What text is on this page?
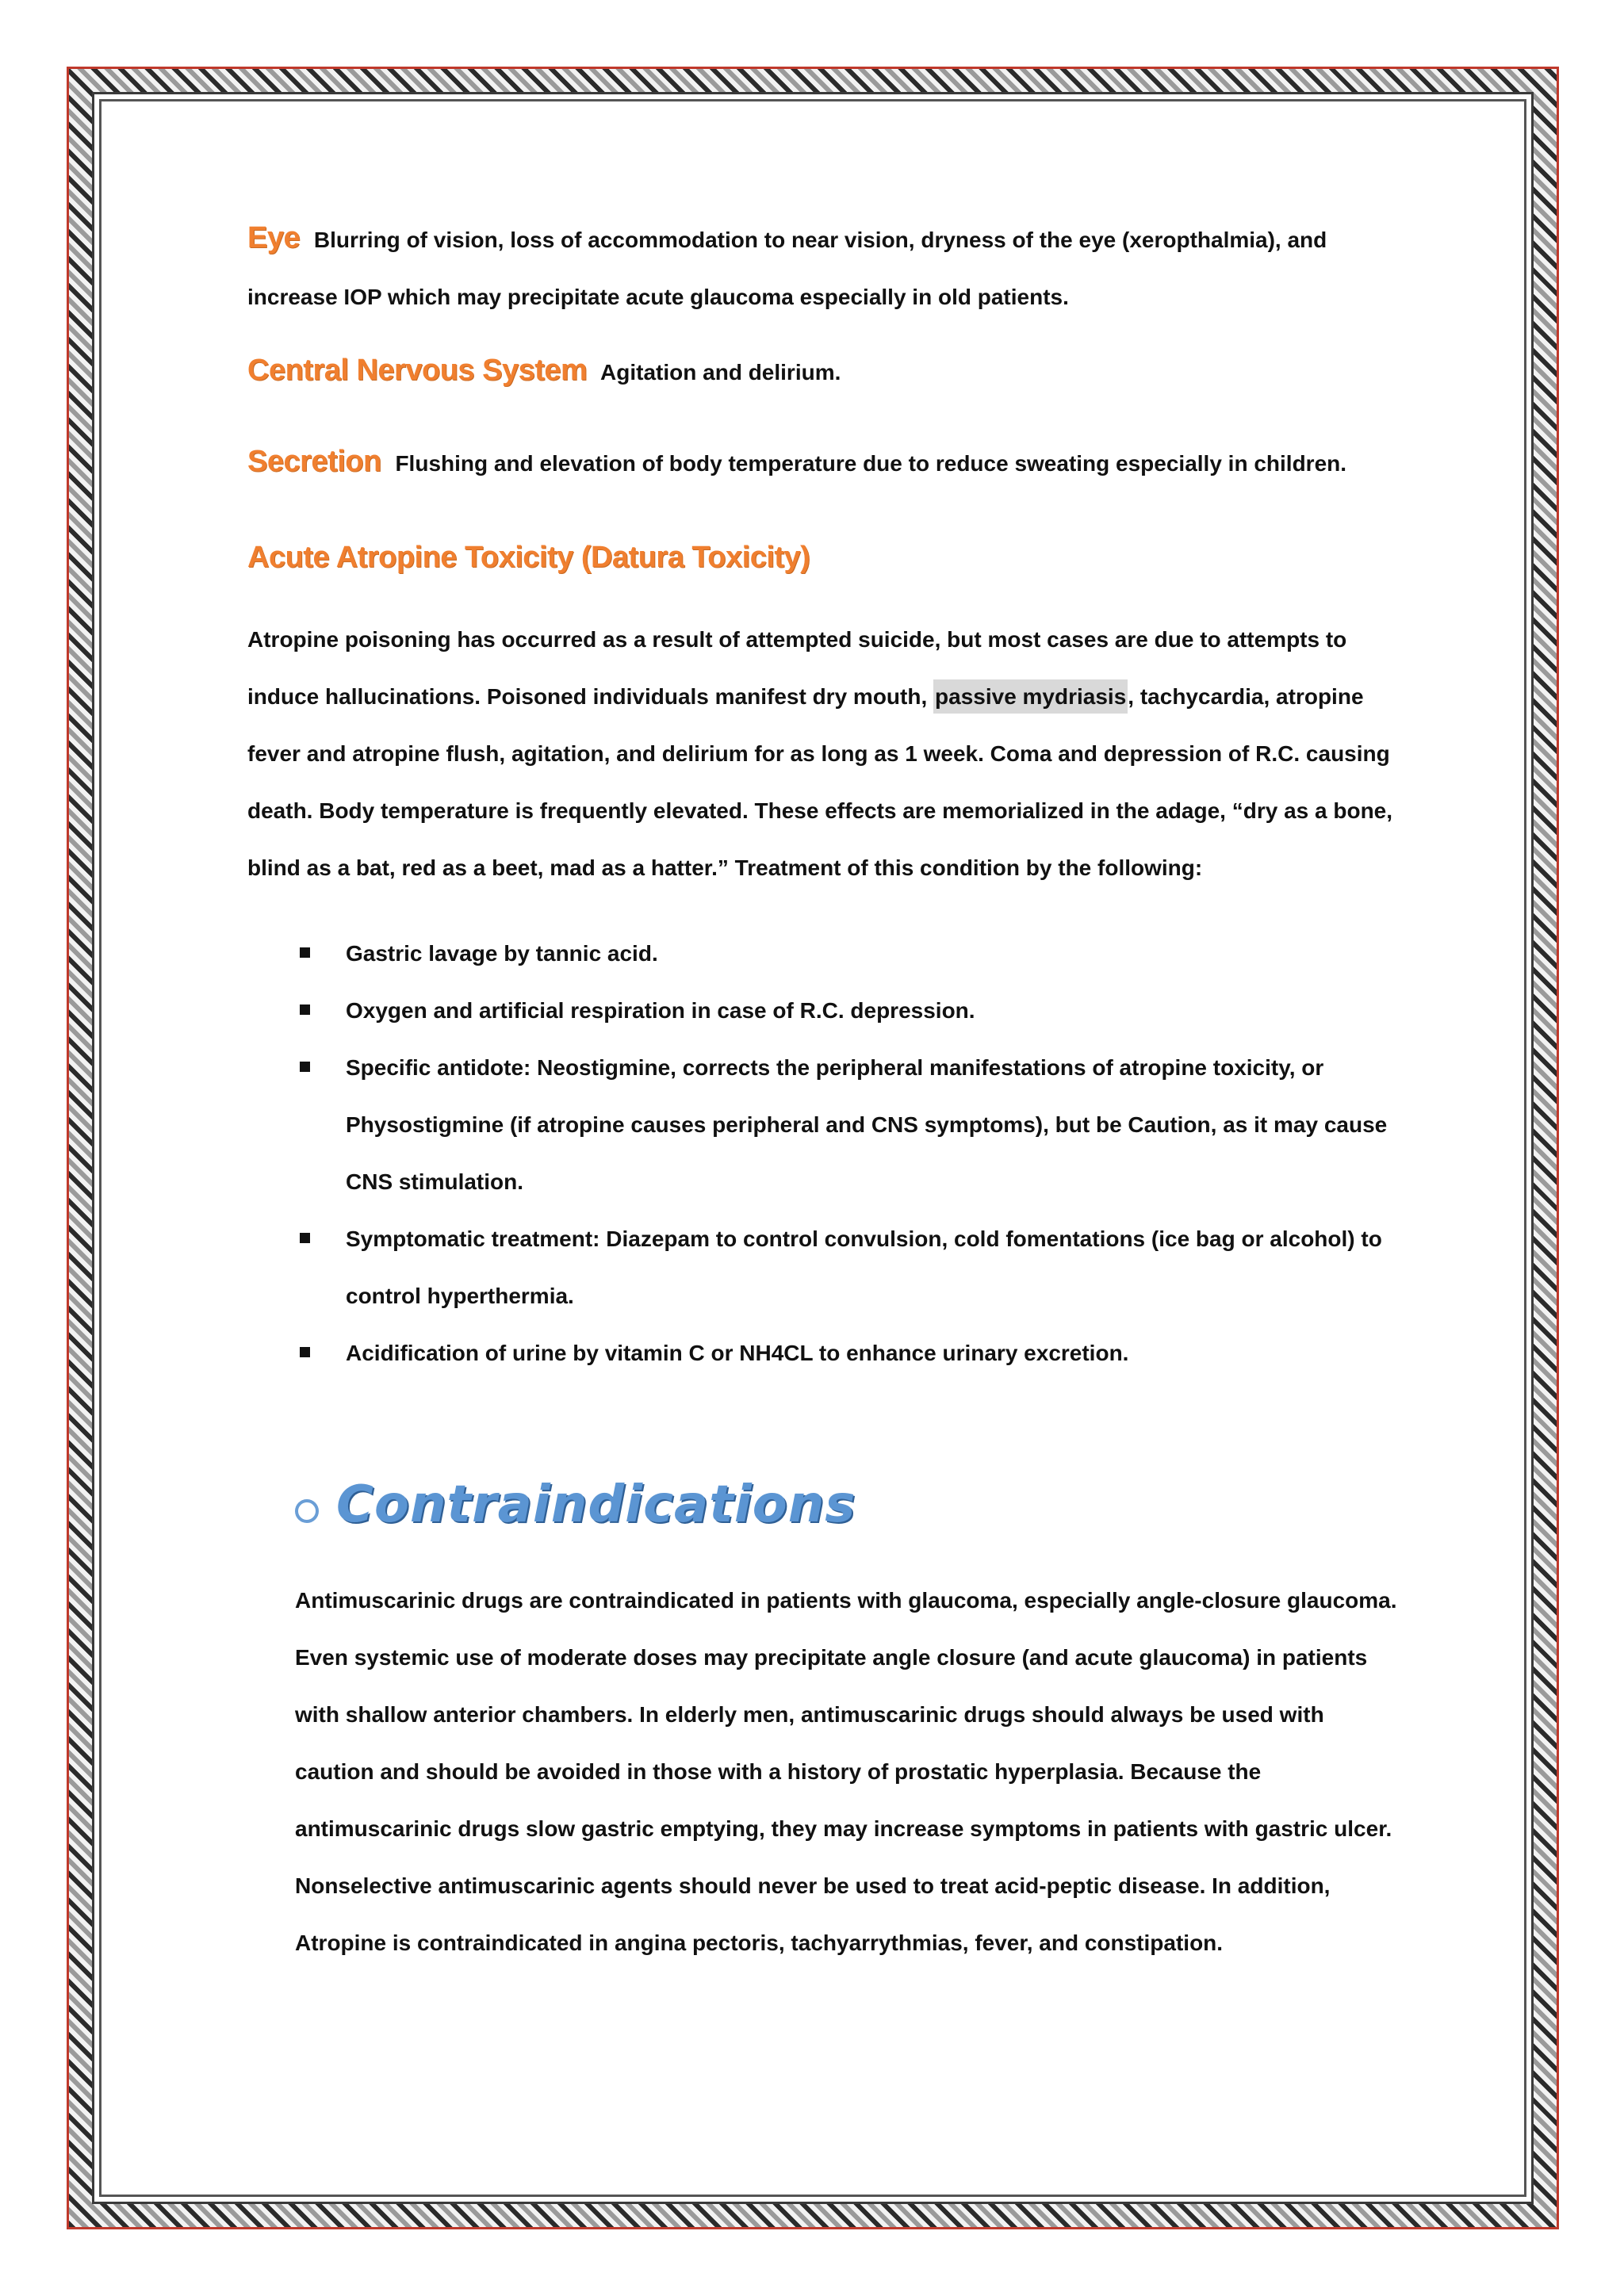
Eye Blurring of vision, loss of accommodation to near vision, dryness of the eye (xeropthalmia), and increase IOP which may precipitate acute glaucoma especially in old patients.

Central Nervous System Agitation and delirium.

Secretion Flushing and elevation of body temperature due to reduce sweating especially in children.

Acute Atropine Toxicity (Datura Toxicity)

Atropine poisoning has occurred as a result of attempted suicide, but most cases are due to attempts to induce hallucinations. Poisoned individuals manifest dry mouth, passive mydriasis, tachycardia, atropine fever and atropine flush, agitation, and delirium for as long as 1 week. Coma and depression of R.C. causing death. Body temperature is frequently elevated. These effects are memorialized in the adage, “dry as a bone, blind as a bat, red as a beet, mad as a hatter.” Treatment of this condition by the following:

Gastric lavage by tannic acid.
Oxygen and artificial respiration in case of R.C. depression.
Specific antidote: Neostigmine, corrects the peripheral manifestations of atropine toxicity, or Physostigmine (if atropine causes peripheral and CNS symptoms), but be Caution, as it may cause CNS stimulation.
Symptomatic treatment: Diazepam to control convulsion, cold fomentations (ice bag or alcohol) to control hyperthermia.
Acidification of urine by vitamin C or NH4CL to enhance urinary excretion.
Contraindications

Antimuscarinic drugs are contraindicated in patients with glaucoma, especially angle-closure glaucoma. Even systemic use of moderate doses may precipitate angle closure (and acute glaucoma) in patients with shallow anterior chambers. In elderly men, antimuscarinic drugs should always be used with caution and should be avoided in those with a history of prostatic hyperplasia. Because the antimuscarinic drugs slow gastric emptying, they may increase symptoms in patients with gastric ulcer. Nonselective antimuscarinic agents should never be used to treat acid-peptic disease. In addition, Atropine is contraindicated in angina pectoris, tachyarrythmias, fever, and constipation.
